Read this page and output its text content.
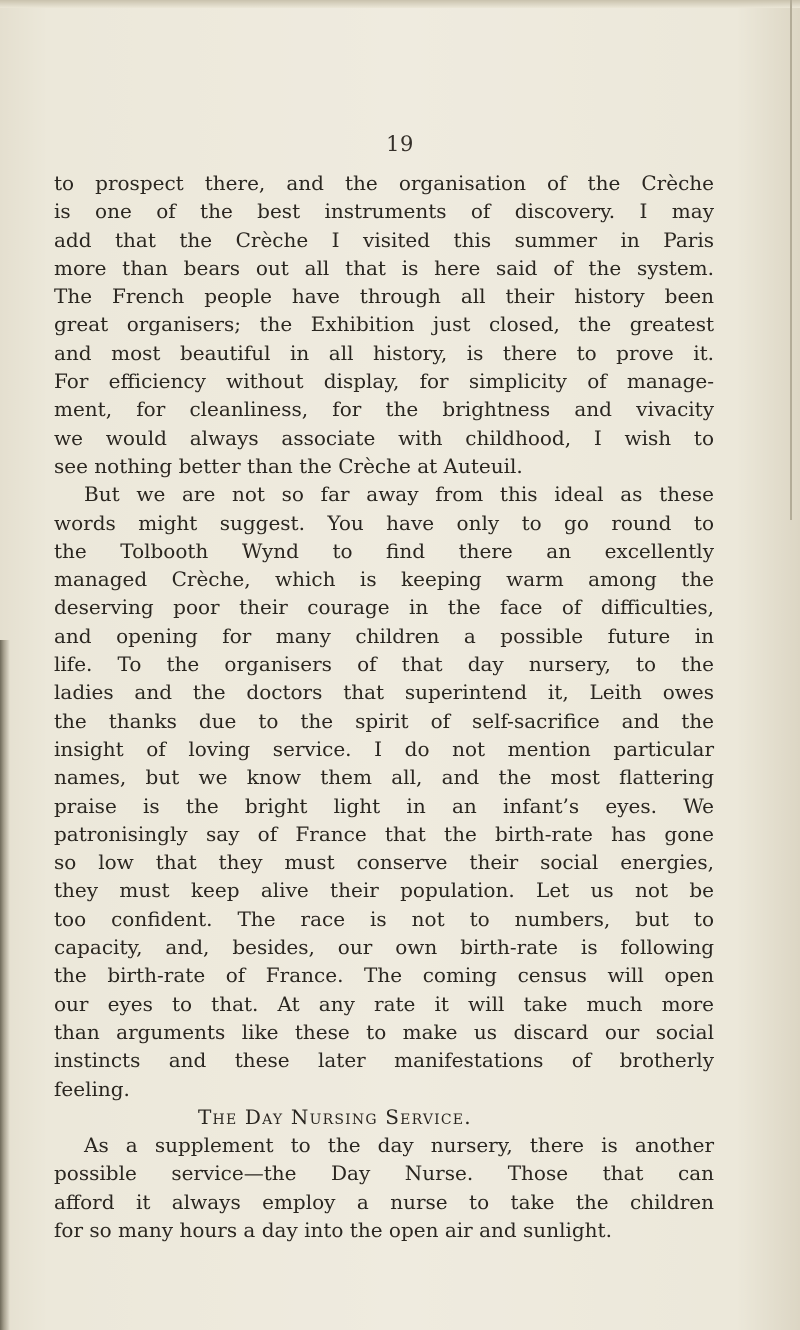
19
to prospect there, and the organisation of the Crèche
is one of the best instruments of discovery. I may
add that the Crèche I visited this summer in Paris
more than bears out all that is here said of the system.
The French people have through all their history been
great organisers; the Exhibition just closed, the greatest
and most beautiful in all history, is there to prove it.
For efficiency without display, for simplicity of manage-
ment, for cleanliness, for the brightness and vivacity
we would always associate with childhood, I wish to
see nothing better than the Crèche at Auteuil.
But we are not so far away from this ideal as these
words might suggest. You have only to go round to
the Tolbooth Wynd to find there an excellently
managed Crèche, which is keeping warm among the
deserving poor their courage in the face of difficulties,
and opening for many children a possible future in
life. To the organisers of that day nursery, to the
ladies and the doctors that superintend it, Leith owes
the thanks due to the spirit of self-sacrifice and the
insight of loving service. I do not mention particular
names, but we know them all, and the most flattering
praise is the bright light in an infant’s eyes. We
patronisingly say of France that the birth-rate has gone
so low that they must conserve their social energies,
they must keep alive their population. Let us not be
too confident. The race is not to numbers, but to
capacity, and, besides, our own birth-rate is following
the birth-rate of France. The coming census will open
our eyes to that. At any rate it will take much more
than arguments like these to make us discard our social
instincts and these later manifestations of brotherly
feeling.
The Day Nursing Service.
As a supplement to the day nursery, there is another
possible service—the Day Nurse. Those that can
afford it always employ a nurse to take the children
for so many hours a day into the open air and sunlight.
